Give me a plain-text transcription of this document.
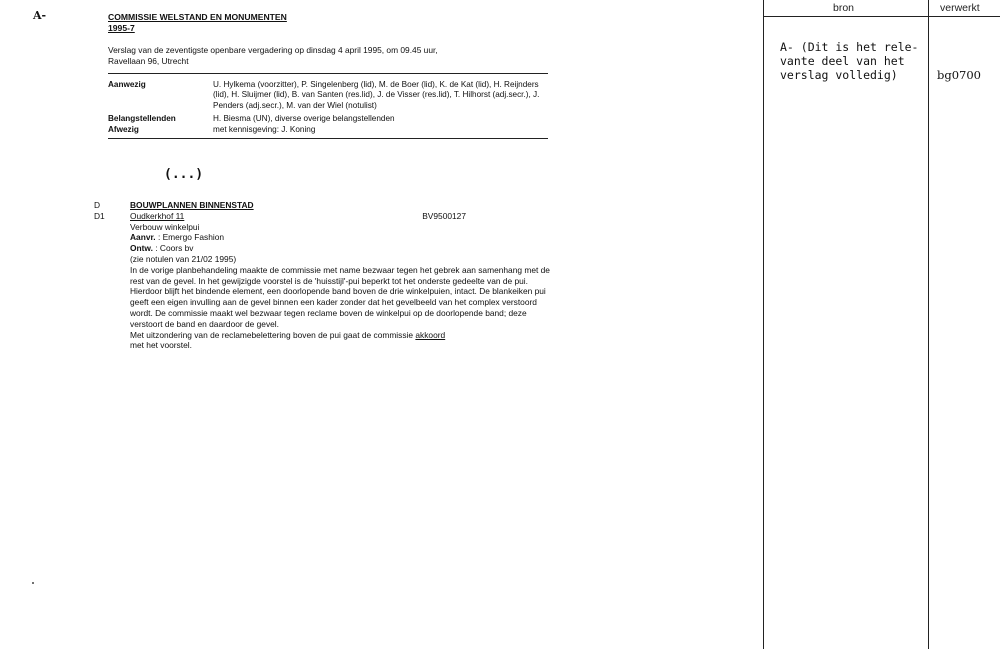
A-	COMMISSIE WELSTAND EN MONUMENTEN
1995-7
Verslag van de zeventigste openbare vergadering op dinsdag 4 april 1995, om 09.45 uur,
Ravellaan 96, Utrecht
Aanwezig	U. Hylkema (voorzitter), P. Singelenberg (lid), M. de Boer (lid), K. de Kat (lid), H. Reijnders (lid), H. Sluijmer (lid), B. van Santen (res.lid), J. de Visser (res.lid), T. Hilhorst (adj.secr.), J. Penders (adj.secr.), M. van der Wiel (notulist)
Belangstellenden	H. Biesma (UN), diverse overige belangstellenden
Afwezig	met kennisgeving: J. Koning
(...)
D	BOUWPLANNEN BINNENSTAD
D1	Oudkerkhof 11	BV9500127
Verbouw winkelpui
Aanvr. : Emergo Fashion
Ontw. : Coors bv
(zie notulen van 21/02 1995)
In de vorige planbehandeling maakte de commissie met name bezwaar tegen het gebrek aan samenhang met de rest van de gevel. In het gewijzigde voorstel is de 'huisstijl'-pui beperkt tot het onderste gedeelte van de pui. Hierdoor blijft het bindende element, een doorlopende band boven de drie winkelpuien, intact. De blankeiken pui geeft een eigen invulling aan de gevel binnen een kader zonder dat het gevelbeeld van het complex verstoord wordt. De commissie maakt wel bezwaar tegen reclame boven de winkelpui op de doorlopende band; deze verstoort de band en daardoor de gevel.
Met uitzondering van de reclamebelettering boven de pui gaat de commissie akkoord
met het voorstel.
bron	verwerkt
A- (Dit is het rele-
vante deel van het
verslag volledig)	bg0700
